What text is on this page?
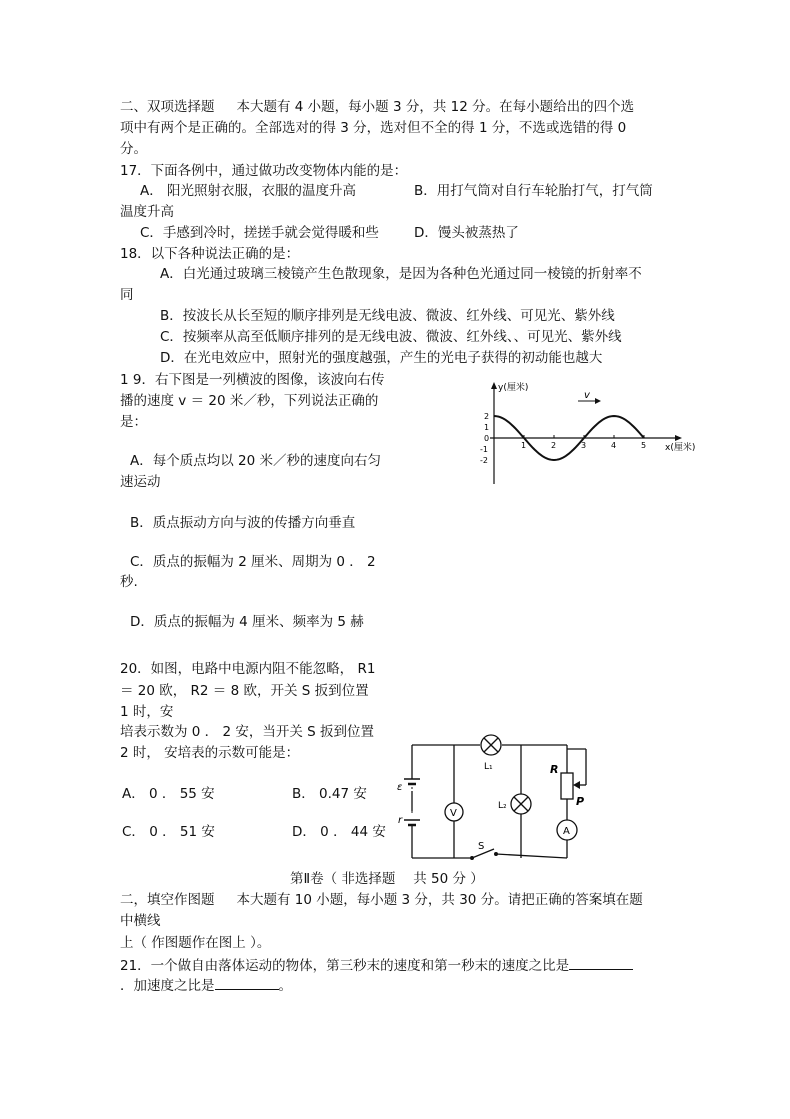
二、双项选择题 本大题有 4 小题，每小题 3 分，共 12 分。在每小题给出的四个选
项中有两个是正确的。全部选对的得 3 分，选对但不全的得 1 分，不选或选错的得 0
分。
17．下面各例中，通过做功改变物体内能的是：
A． 阳光照射衣服，衣服的温度升高	B．用打气筒对自行车轮胎打气，打气筒
温度升高
C．手感到冷时，搓搓手就会觉得暖和些	D．馒头被蒸热了
18．以下各种说法正确的是：
A．白光通过玻璃三棱镜产生色散现象，是因为各种色光通过同一棱镜的折射率不
同
B．按波长从长至短的顺序排列是无线电波、微波、红外线、可见光、紫外线
C．按频率从高至低顺序排列的是无线电波、微波、红外线、、可见光、紫外线
D．在光电效应中，照射光的强度越强，产生的光电子获得的初动能也越大
1 9．右下图是一列横波的图像，该波向右传
播的速度 v ＝ 20 米／秒，下列说法正确的
是：
A．每个质点均以 20 米／秒的速度向右匀
速运动
B．质点振动方向与波的传播方向垂直
C．质点的振幅为 2 厘米、周期为 0 ． 2
秒.
D．质点的振幅为 4 厘米、频率为 5 赫
y(厘米)
x(厘米)
v
2
1
0
-1
-2
1	2	3	4	5
20．如图，电路中电源内阻不能忽略， R1
＝ 20 欧， R2 ＝ 8 欧，开关 S 扳到位置
1 时，安
培表示数为 0 ． 2 安，当开关 S 扳到位置
2 时， 安培表的示数可能是：
A． 0 ． 55 安	B． 0.47 安
C． 0 ． 51 安	D． 0 ． 44 安
ε
r
L₁
V
L₂
R
P
A
S
第Ⅱ卷（ 非选择题　 共 50 分 ）
二，填空作图题 本大题有 10 小题，每小题 3 分，共 30 分。请把正确的答案填在题
中横线
上（ 作图题作在图上 ）。
21．一个做自由落体运动的物体，第三秒末的速度和第一秒末的速度之比是
．加速度之比是	。
